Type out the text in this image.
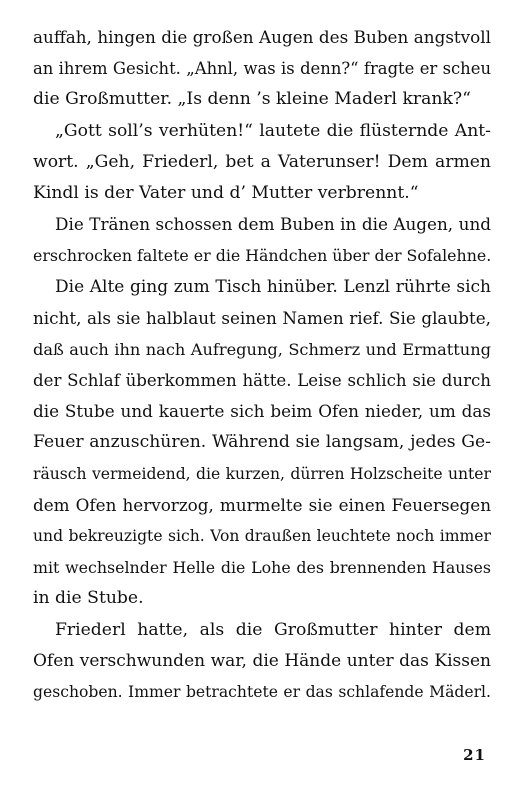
auffah, hingen die großen Augen des Buben angstvoll
an ihrem Gesicht. „Ahnl, was is denn?“ fragte er scheu
die Großmutter. „Is denn ’s kleine Maderl krank?“
„Gott soll’s verhüten!“ lautete die flüsternde Ant-
wort. „Geh, Friederl, bet a Vaterunser! Dem armen
Kindl is der Vater und d’ Mutter verbrennt.“
Die Tränen schossen dem Buben in die Augen, und
erschrocken faltete er die Händchen über der Sofalehne.
Die Alte ging zum Tisch hinüber. Lenzl rührte sich
nicht, als sie halblaut seinen Namen rief. Sie glaubte,
daß auch ihn nach Aufregung, Schmerz und Ermattung
der Schlaf überkommen hätte. Leise schlich sie durch
die Stube und kauerte sich beim Ofen nieder, um das
Feuer anzuschüren. Während sie langsam, jedes Ge-
räusch vermeidend, die kurzen, dürren Holzscheite unter
dem Ofen hervorzog, murmelte sie einen Feuersegen
und bekreuzigte sich. Von draußen leuchtete noch immer
mit wechselnder Helle die Lohe des brennenden Hauses
in die Stube.
Friederl hatte, als die Großmutter hinter dem
Ofen verschwunden war, die Hände unter das Kissen
geschoben. Immer betrachtete er das schlafende Mäderl.
21
